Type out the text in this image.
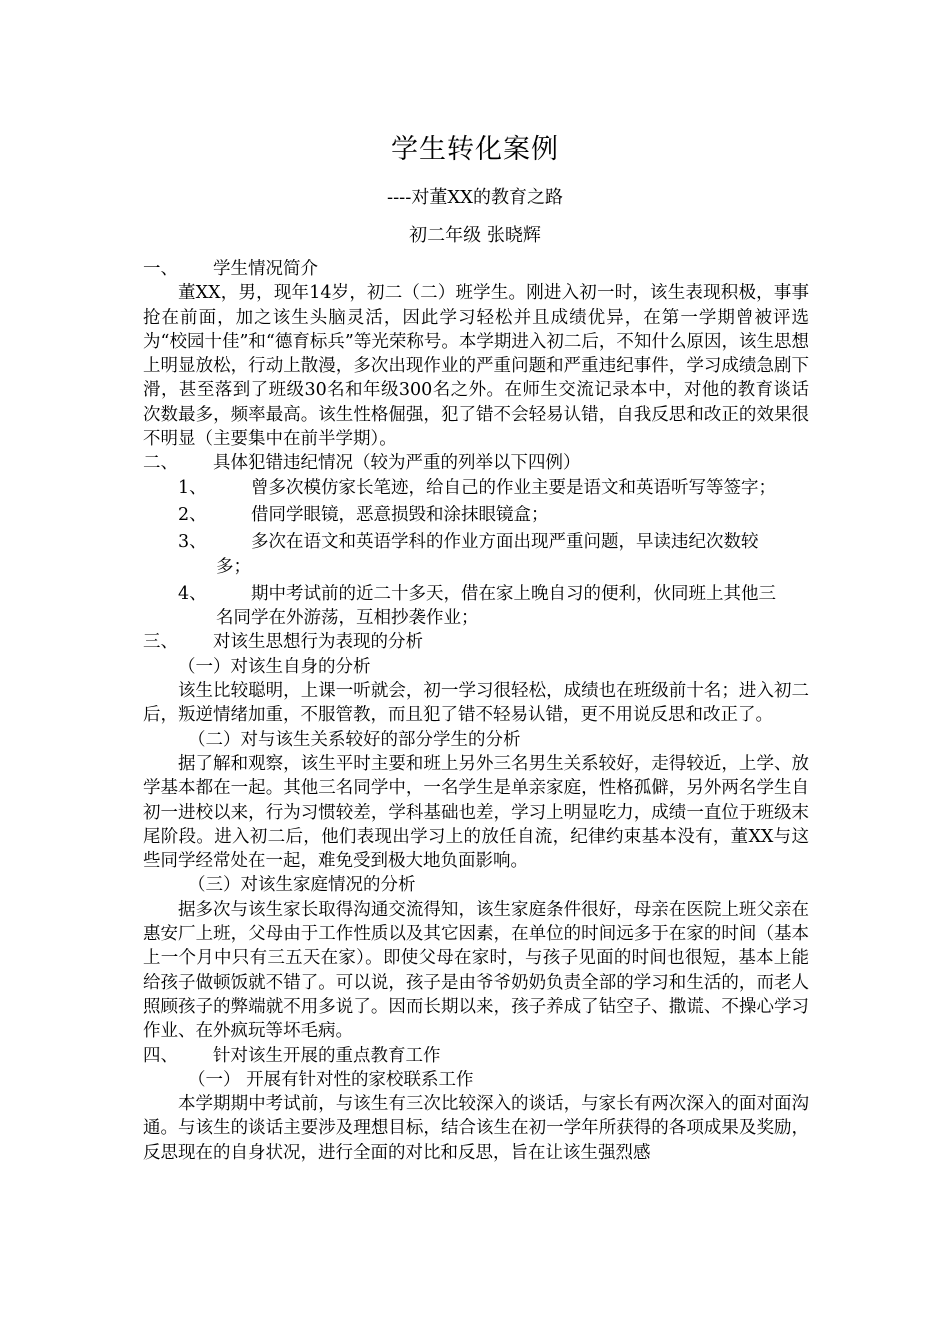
学生转化案例
----对董XX的教育之路
初二年级 张晓辉
一、	学生情况简介

董XX，男，现年14岁，初二（二）班学生。刚进入初一时，该生表现积极，事事抢在前面，加之该生头脑灵活，因此学习轻松并且成绩优异，在第一学期曾被评选为“校园十佳”和“德育标兵”等光荣称号。本学期进入初二后，不知什么原因，该生思想上明显放松，行动上散漫，多次出现作业的严重问题和严重违纪事件，学习成绩急剧下滑，甚至落到了班级30名和年级300名之外。在师生交流记录本中，对他的教育谈话次数最多，频率最高。该生性格倔强，犯了错不会轻易认错，自我反思和改正的效果很不明显（主要集中在前半学期）。

二、	具体犯错违纪情况（较为严重的列举以下四例）
1、	曾多次模仿家长笔迹，给自己的作业主要是语文和英语听写等签字；
2、	借同学眼镜，恶意损毁和涂抹眼镜盒；
3、	多次在语文和英语学科的作业方面出现严重问题，早读违纪次数较
多；
4、	期中考试前的近二十多天，借在家上晚自习的便利，伙同班上其他三
名同学在外游荡，互相抄袭作业；
三、	对该生思想行为表现的分析

（一）对该生自身的分析

该生比较聪明，上课一听就会，初一学习很轻松，成绩也在班级前十名；进入初二后，叛逆情绪加重，不服管教，而且犯了错不轻易认错，更不用说反思和改正了。

（二）对与该生关系较好的部分学生的分析

据了解和观察，该生平时主要和班上另外三名男生关系较好，走得较近，上学、放学基本都在一起。其他三名同学中，一名学生是单亲家庭，性格孤僻，另外两名学生自初一进校以来，行为习惯较差，学科基础也差，学习上明显吃力，成绩一直位于班级末尾阶段。进入初二后，他们表现出学习上的放任自流，纪律约束基本没有，董XX与这些同学经常处在一起，难免受到极大地负面影响。

（三）对该生家庭情况的分析

据多次与该生家长取得沟通交流得知，该生家庭条件很好，母亲在医院上班父亲在惠安厂上班，父母由于工作性质以及其它因素，在单位的时间远多于在家的时间（基本上一个月中只有三五天在家）。即使父母在家时，与孩子见面的时间也很短，基本上能给孩子做顿饭就不错了。可以说，孩子是由爷爷奶奶负责全部的学习和生活的，而老人照顾孩子的弊端就不用多说了。因而长期以来，孩子养成了钻空子、撒谎、不操心学习作业、在外疯玩等坏毛病。

四、	针对该生开展的重点教育工作

（一） 开展有针对性的家校联系工作

本学期期中考试前，与该生有三次比较深入的谈话，与家长有两次深入的面对面沟通。与该生的谈话主要涉及理想目标，结合该生在初一学年所获得的各项成果及奖励，反思现在的自身状况，进行全面的对比和反思，旨在让该生强烈感
